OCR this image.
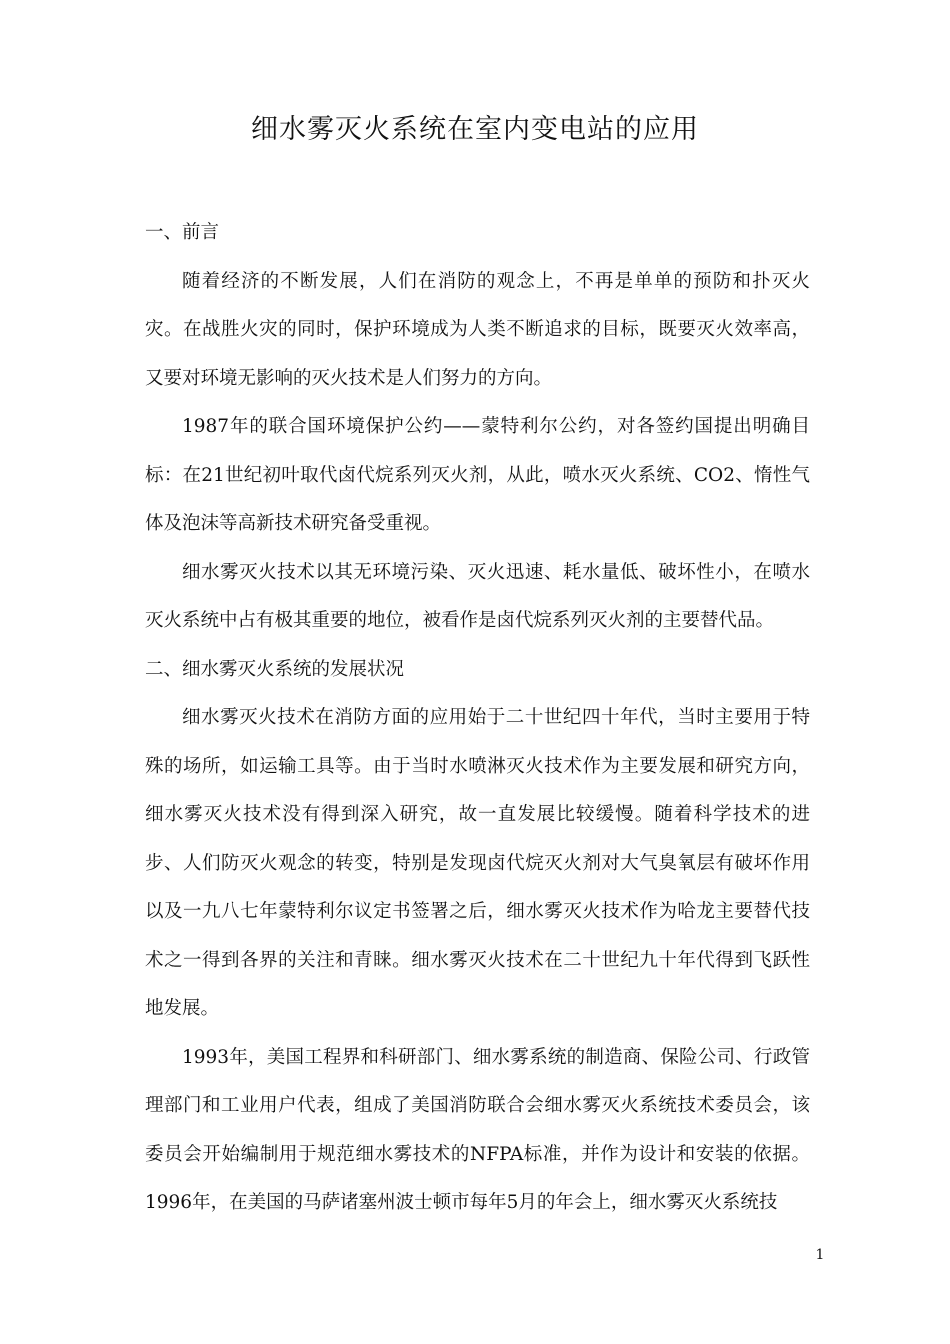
细水雾灭火系统在室内变电站的应用

一、前言

随着经济的不断发展，人们在消防的观念上，不再是单单的预防和扑灭火灾。在战胜火灾的同时，保护环境成为人类不断追求的目标，既要灭火效率高，又要对环境无影响的灭火技术是人们努力的方向。

1987年的联合国环境保护公约——蒙特利尔公约，对各签约国提出明确目标：在21世纪初叶取代卤代烷系列灭火剂，从此，喷水灭火系统、CO2、惰性气体及泡沫等高新技术研究备受重视。

细水雾灭火技术以其无环境污染、灭火迅速、耗水量低、破坏性小，在喷水灭火系统中占有极其重要的地位，被看作是卤代烷系列灭火剂的主要替代品。

二、细水雾灭火系统的发展状况

细水雾灭火技术在消防方面的应用始于二十世纪四十年代，当时主要用于特殊的场所，如运输工具等。由于当时水喷淋灭火技术作为主要发展和研究方向，细水雾灭火技术没有得到深入研究，故一直发展比较缓慢。随着科学技术的进步、人们防灭火观念的转变，特别是发现卤代烷灭火剂对大气臭氧层有破坏作用以及一九八七年蒙特利尔议定书签署之后，细水雾灭火技术作为哈龙主要替代技术之一得到各界的关注和青睐。细水雾灭火技术在二十世纪九十年代得到飞跃性地发展。

1993年，美国工程界和科研部门、细水雾系统的制造商、保险公司、行政管理部门和工业用户代表，组成了美国消防联合会细水雾灭火系统技术委员会，该委员会开始编制用于规范细水雾技术的NFPA标准，并作为设计和安装的依据。1996年，在美国的马萨诸塞州波士顿市每年5月的年会上，细水雾灭火系统技

1
